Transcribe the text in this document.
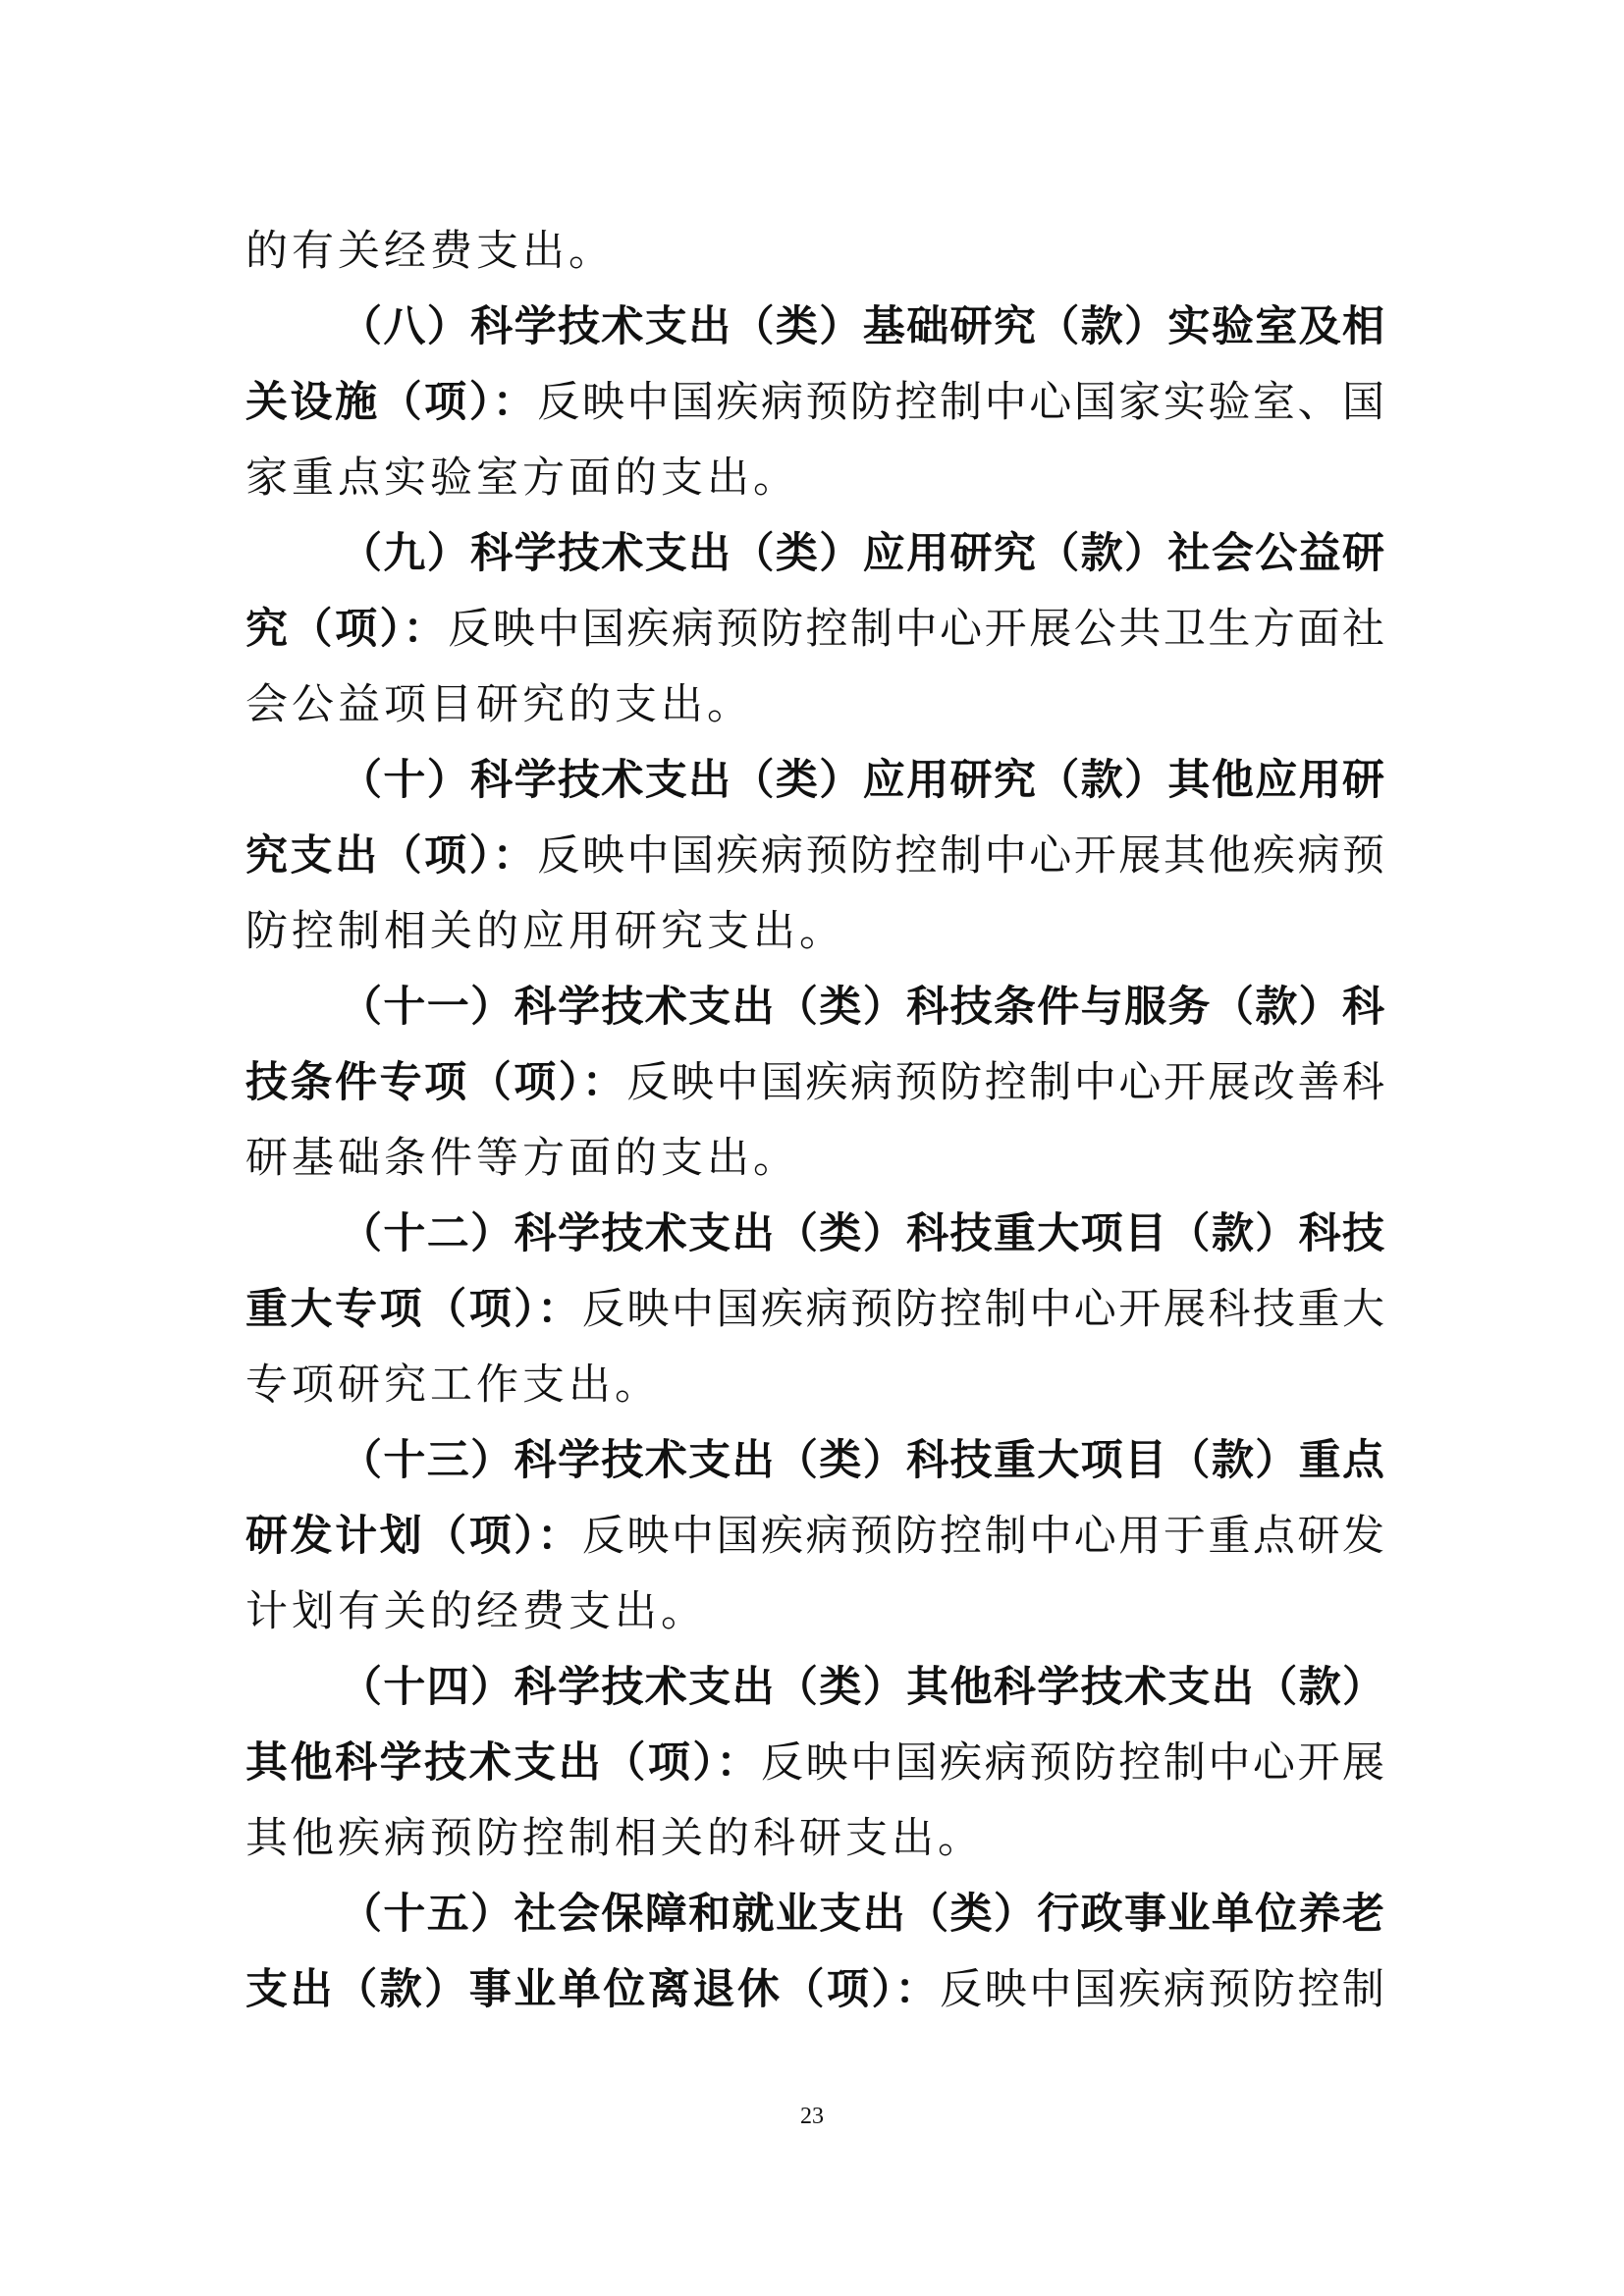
的有关经费支出。
（八）科学技术支出（类）基础研究（款）实验室及相
关设施（项）：反映中国疾病预防控制中心国家实验室、国
家重点实验室方面的支出。
（九）科学技术支出（类）应用研究（款）社会公益研
究（项）：反映中国疾病预防控制中心开展公共卫生方面社
会公益项目研究的支出。
（十）科学技术支出（类）应用研究（款）其他应用研
究支出（项）：反映中国疾病预防控制中心开展其他疾病预
防控制相关的应用研究支出。
（十一）科学技术支出（类）科技条件与服务（款）科
技条件专项（项）：反映中国疾病预防控制中心开展改善科
研基础条件等方面的支出。
（十二）科学技术支出（类）科技重大项目（款）科技
重大专项（项）：反映中国疾病预防控制中心开展科技重大
专项研究工作支出。
（十三）科学技术支出（类）科技重大项目（款）重点
研发计划（项）：反映中国疾病预防控制中心用于重点研发
计划有关的经费支出。
（十四）科学技术支出（类）其他科学技术支出（款）
其他科学技术支出（项）：反映中国疾病预防控制中心开展
其他疾病预防控制相关的科研支出。
（十五）社会保障和就业支出（类）行政事业单位养老
支出（款）事业单位离退休（项）：反映中国疾病预防控制
23
